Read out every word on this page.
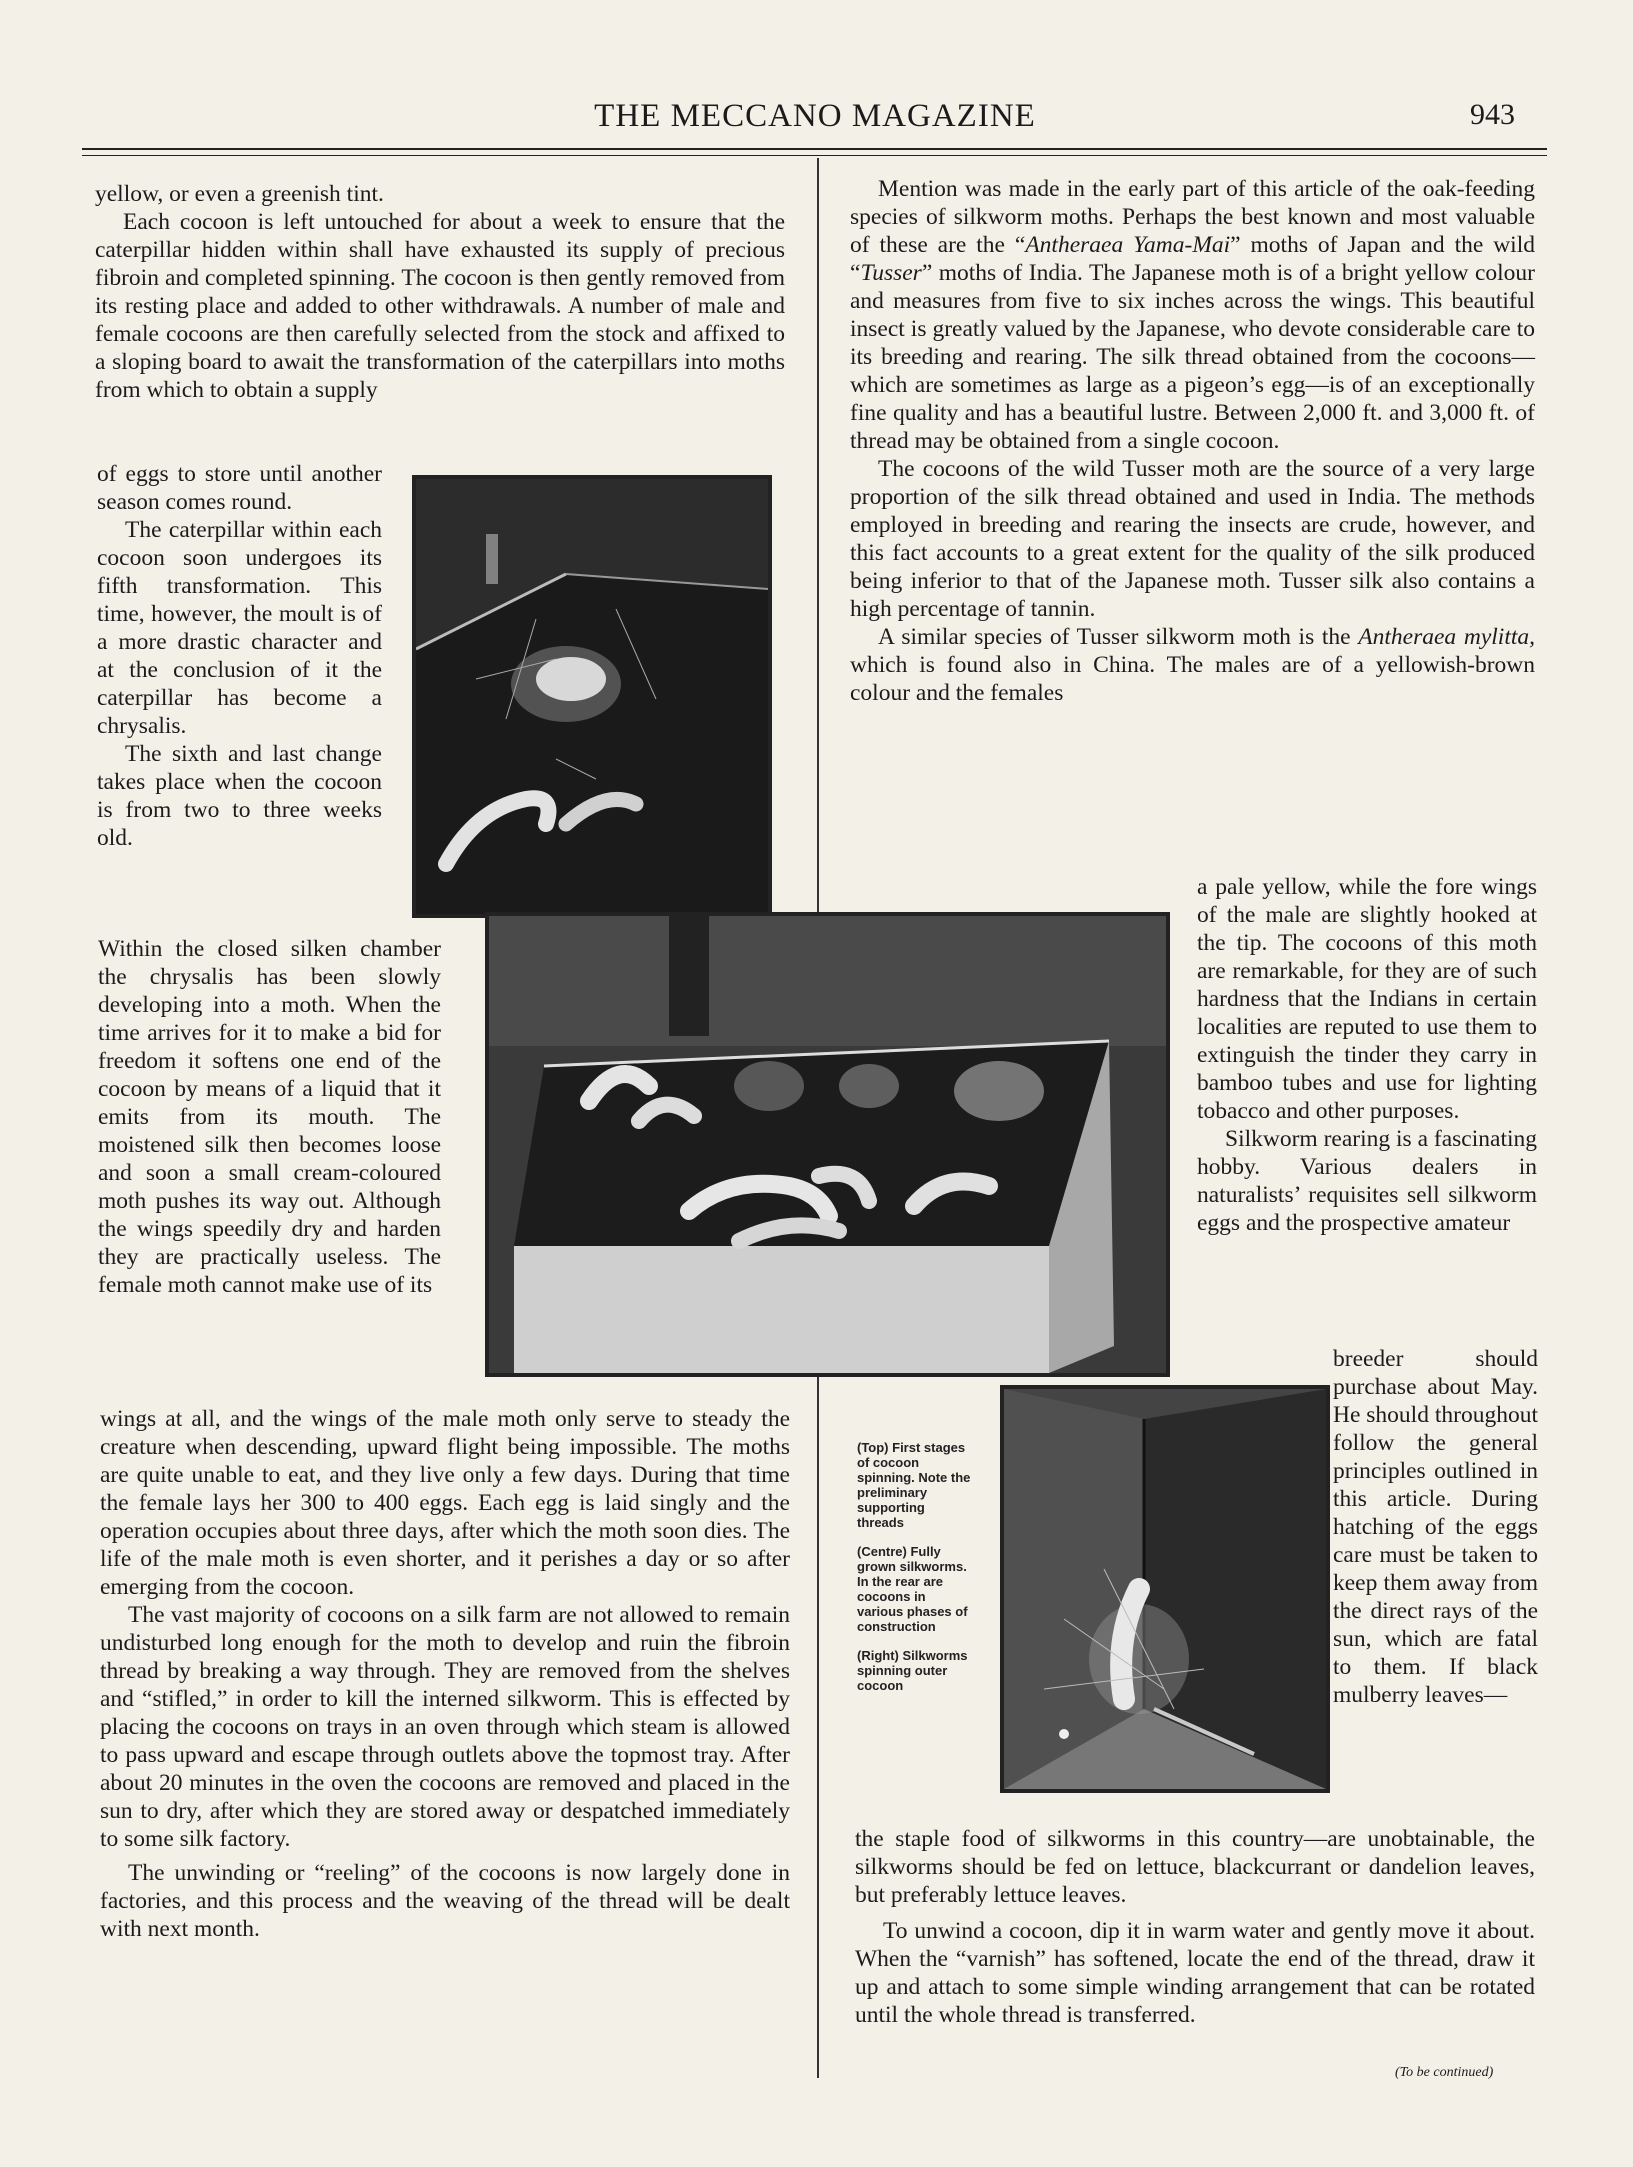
THE MECCANO MAGAZINE	943

yellow, or even a greenish tint.

Each cocoon is left untouched for about a week to ensure that the caterpillar hidden within shall have exhausted its supply of precious fibroin and completed spinning. The cocoon is then gently removed from its resting place and added to other withdrawals. A number of male and female cocoons are then carefully selected from the stock and affixed to a sloping board to await the transformation of the caterpillars into moths from which to obtain a supply

of eggs to store until another season comes round.

The caterpillar within each cocoon soon undergoes its fifth transformation. This time, however, the moult is of a more drastic character and at the conclusion of it the caterpillar has become a chrysalis.

The sixth and last change takes place when the cocoon is from two to three weeks old.

Within the closed silken chamber the chrysalis has been slowly developing into a moth. When the time arrives for it to make a bid for freedom it softens one end of the cocoon by means of a liquid that it emits from its mouth. The moistened silk then becomes loose and soon a small cream-coloured moth pushes its way out. Although the wings speedily dry and harden they are practically useless. The female moth cannot make use of its

wings at all, and the wings of the male moth only serve to steady the creature when descending, upward flight being impossible. The moths are quite unable to eat, and they live only a few days. During that time the female lays her 300 to 400 eggs. Each egg is laid singly and the operation occupies about three days, after which the moth soon dies. The life of the male moth is even shorter, and it perishes a day or so after emerging from the cocoon.

The vast majority of cocoons on a silk farm are not allowed to remain undisturbed long enough for the moth to develop and ruin the fibroin thread by breaking a way through. They are removed from the shelves and “stifled,” in order to kill the interned silkworm. This is effected by placing the cocoons on trays in an oven through which steam is allowed to pass upward and escape through outlets above the topmost tray. After about 20 minutes in the oven the cocoons are removed and placed in the sun to dry, after which they are stored away or despatched immediately to some silk factory.

The unwinding or “reeling” of the cocoons is now largely done in factories, and this process and the weaving of the thread will be dealt with next month.

(Top) First stages of cocoon spinning. Note the preliminary supporting threads

(Centre) Fully grown silkworms. In the rear are cocoons in various phases of construction

(Right) Silkworms spinning outer cocoon

Mention was made in the early part of this article of the oak-feeding species of silkworm moths. Perhaps the best known and most valuable of these are the “Antheraea Yama-Mai” moths of Japan and the wild “Tusser” moths of India. The Japanese moth is of a bright yellow colour and measures from five to six inches across the wings. This beautiful insect is greatly valued by the Japanese, who devote considerable care to its breeding and rearing. The silk thread obtained from the cocoons—which are sometimes as large as a pigeon’s egg—is of an exceptionally fine quality and has a beautiful lustre. Between 2,000 ft. and 3,000 ft. of thread may be obtained from a single cocoon.

The cocoons of the wild Tusser moth are the source of a very large proportion of the silk thread obtained and used in India. The methods employed in breeding and rearing the insects are crude, however, and this fact accounts to a great extent for the quality of the silk produced being inferior to that of the Japanese moth. Tusser silk also contains a high percentage of tannin.

A similar species of Tusser silkworm moth is the Antheraea mylitta, which is found also in China. The males are of a yellowish-brown colour and the females

a pale yellow, while the fore wings of the male are slightly hooked at the tip. The cocoons of this moth are remarkable, for they are of such hardness that the Indians in certain localities are reputed to use them to extinguish the tinder they carry in bamboo tubes and use for lighting tobacco and other purposes.

Silkworm rearing is a fascinating hobby. Various dealers in naturalists’ requisites sell silkworm eggs and the prospective amateur

breeder should purchase about May. He should throughout follow the general principles outlined in this article. During hatching of the eggs care must be taken to keep them away from the direct rays of the sun, which are fatal to them. If black mulberry leaves—

the staple food of silkworms in this country—are unobtainable, the silkworms should be fed on lettuce, blackcurrant or dandelion leaves, but preferably lettuce leaves.

To unwind a cocoon, dip it in warm water and gently move it about. When the “varnish” has softened, locate the end of the thread, draw it up and attach to some simple winding arrangement that can be rotated until the whole thread is transferred.

(To be continued)
